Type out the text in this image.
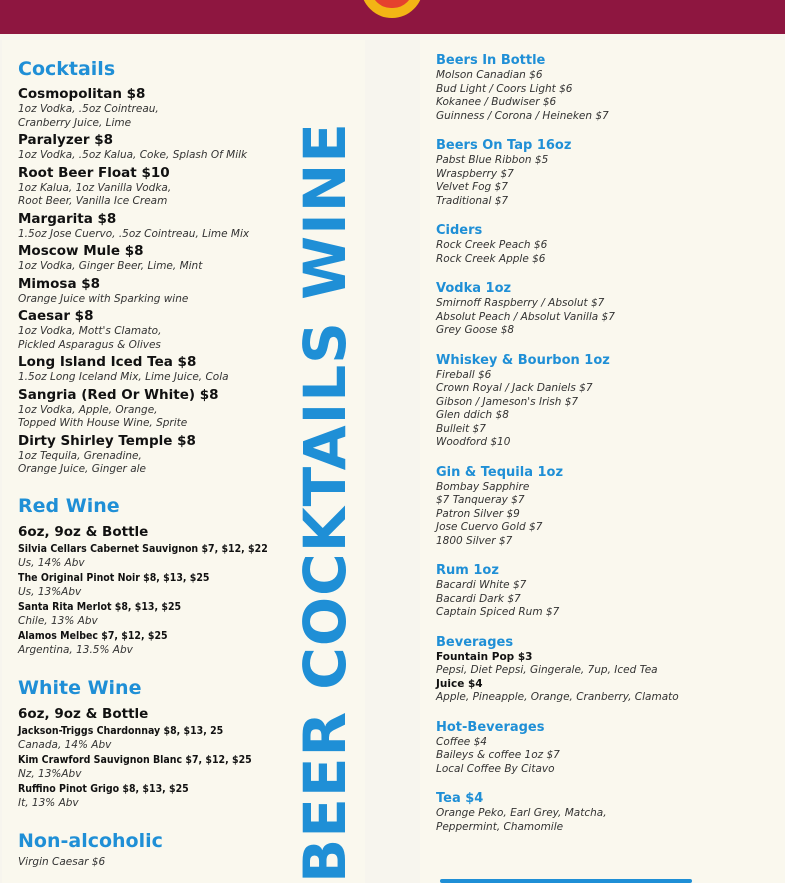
Cocktails
Cosmopolitan $8
1oz Vodka, .5oz Cointreau,
Cranberry Juice, Lime
Paralyzer $8
1oz Vodka, .5oz Kalua, Coke, Splash Of Milk
Root Beer Float $10
1oz Kalua, 1oz Vanilla Vodka,
Root Beer, Vanilla Ice Cream
Margarita $8
1.5oz Jose Cuervo, .5oz Cointreau, Lime Mix
Moscow Mule $8
1oz Vodka, Ginger Beer, Lime, Mint
Mimosa $8
Orange Juice with Sparking wine
Caesar $8
1oz Vodka, Mott's Clamato,
Pickled Asparagus & Olives
Long Island Iced Tea $8
1.5oz Long Iceland Mix, Lime Juice, Cola
Sangria (Red Or White) $8
1oz Vodka, Apple, Orange,
Topped With House Wine, Sprite
Dirty Shirley Temple $8
1oz Tequila, Grenadine,
Orange Juice, Ginger ale
Red Wine
6oz, 9oz & Bottle
Silvia Cellars Cabernet Sauvignon $7, $12, $22
Us, 14% Abv
The Original Pinot Noir $8, $13, $25
Us, 13%Abv
Santa Rita Merlot $8, $13, $25
Chile, 13% Abv
Alamos Melbec $7, $12, $25
Argentina, 13.5% Abv
White Wine
6oz, 9oz & Bottle
Jackson-Triggs Chardonnay $8, $13, 25
Canada, 14% Abv
Kim Crawford Sauvignon Blanc $7, $12, $25
Nz, 13%Abv
Ruffino Pinot Grigo $8, $13, $25
It, 13% Abv
Non-alcoholic
Virgin Caesar $6	BEER COCKTAILS WINE
Beers In Bottle
Molson Canadian $6
Bud Light / Coors Light $6
Kokanee / Budwiser $6
Guinness / Corona / Heineken $7
Beers On Tap 16oz
Pabst Blue Ribbon $5
Wraspberry $7
Velvet Fog $7
Traditional $7
Ciders
Rock Creek Peach $6
Rock Creek Apple $6
Vodka 1oz
Smirnoff Raspberry / Absolut $7
Absolut Peach / Absolut Vanilla $7
Grey Goose $8
Whiskey & Bourbon 1oz
Fireball $6
Crown Royal / Jack Daniels $7
Gibson / Jameson's Irish $7
Glen ddich $8
Bulleit $7
Woodford $10
Gin & Tequila 1oz
Bombay Sapphire
$7 Tanqueray $7
Patron Silver $9
Jose Cuervo Gold $7
1800 Silver $7
Rum 1oz
Bacardi White $7
Bacardi Dark $7
Captain Spiced Rum $7
Beverages
Fountain Pop $3
Pepsi, Diet Pepsi, Gingerale, 7up, Iced Tea
Juice $4
Apple, Pineapple, Orange, Cranberry, Clamato
Hot-Beverages
Coffee $4
Baileys & coffee 1oz $7
Local Coffee By Citavo
Tea $4
Orange Peko, Earl Grey, Matcha,
Peppermint, Chamomile
